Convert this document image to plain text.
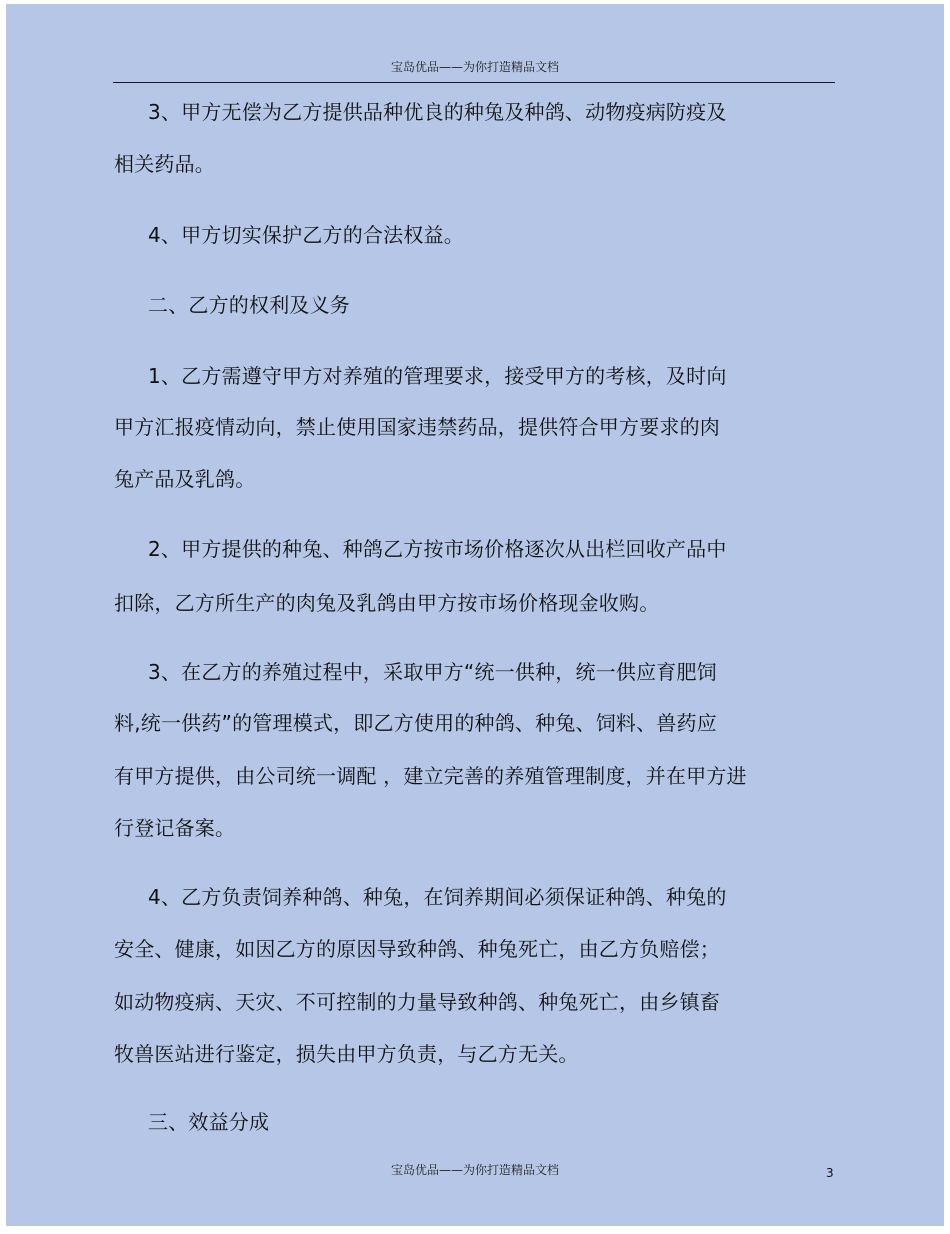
宝岛优品——为你打造精品文档
3、甲方无偿为乙方提供品种优良的种兔及种鸽、动物疫病防疫及
相关药品。
4、甲方切实保护乙方的合法权益。
二、乙方的权利及义务
1、乙方需遵守甲方对养殖的管理要求，接受甲方的考核，及时向
甲方汇报疫情动向，禁止使用国家违禁药品，提供符合甲方要求的肉
兔产品及乳鸽。
2、甲方提供的种兔、种鸽乙方按市场价格逐次从出栏回收产品中
扣除，乙方所生产的肉兔及乳鸽由甲方按市场价格现金收购。
3、在乙方的养殖过程中，采取甲方“统一供种，统一供应育肥饲
料,统一供药”的管理模式，即乙方使用的种鸽、种兔、饲料、兽药应
有甲方提供，由公司统一调配 ，建立完善的养殖管理制度，并在甲方进
行登记备案。
4、乙方负责饲养种鸽、种兔，在饲养期间必须保证种鸽、种兔的
安全、健康，如因乙方的原因导致种鸽、种兔死亡，由乙方负赔偿；
如动物疫病、天灾、不可控制的力量导致种鸽、种兔死亡，由乡镇畜
牧兽医站进行鉴定，损失由甲方负责，与乙方无关。
三、效益分成
宝岛优品——为你打造精品文档	3
